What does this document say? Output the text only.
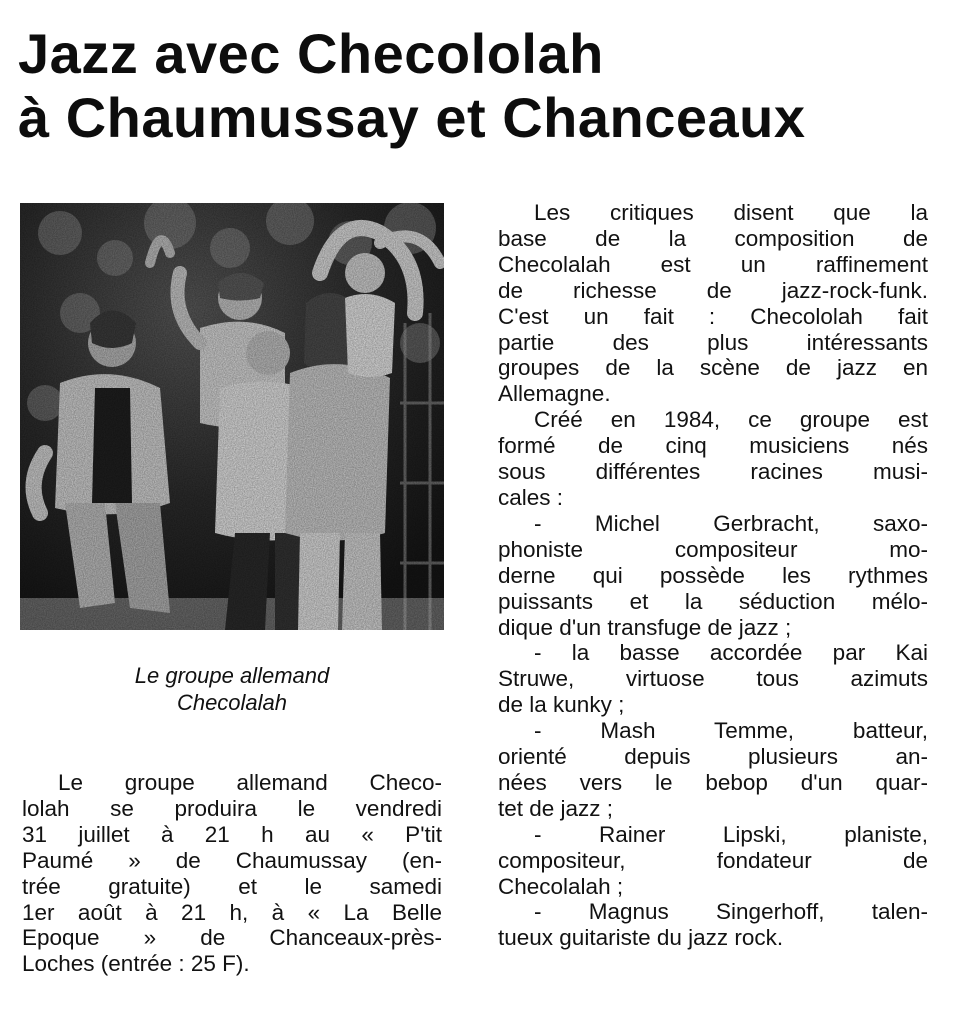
Jazz avec Checololah
à Chaumussay et Chanceaux

Le groupe allemand
Checolalah

Le groupe allemand Checo-
lolah se produira le vendredi
31 juillet à 21 h au « P'tit
Paumé » de Chaumussay (en-
trée gratuite) et le samedi
1er août à 21 h, à « La Belle
Epoque » de Chanceaux-près-
Loches (entrée : 25 F).
Les critiques disent que la
base de la composition de
Checolalah est un raffinement
de richesse de jazz-rock-funk.
C'est un fait : Checololah fait
partie des plus intéressants
groupes de la scène de jazz en
Allemagne.
Créé en 1984, ce groupe est
formé de cinq musiciens nés
sous différentes racines musi-
cales :
- Michel Gerbracht, saxo-
phoniste compositeur mo-
derne qui possède les rythmes
puissants et la séduction mélo-
dique d'un transfuge de jazz ;
- la basse accordée par Kai
Struwe, virtuose tous azimuts
de la kunky ;
- Mash Temme, batteur,
orienté depuis plusieurs an-
nées vers le bebop d'un quar-
tet de jazz ;
- Rainer Lipski, planiste,
compositeur, fondateur de
Checolalah ;
- Magnus Singerhoff, talen-
tueux guitariste du jazz rock.
